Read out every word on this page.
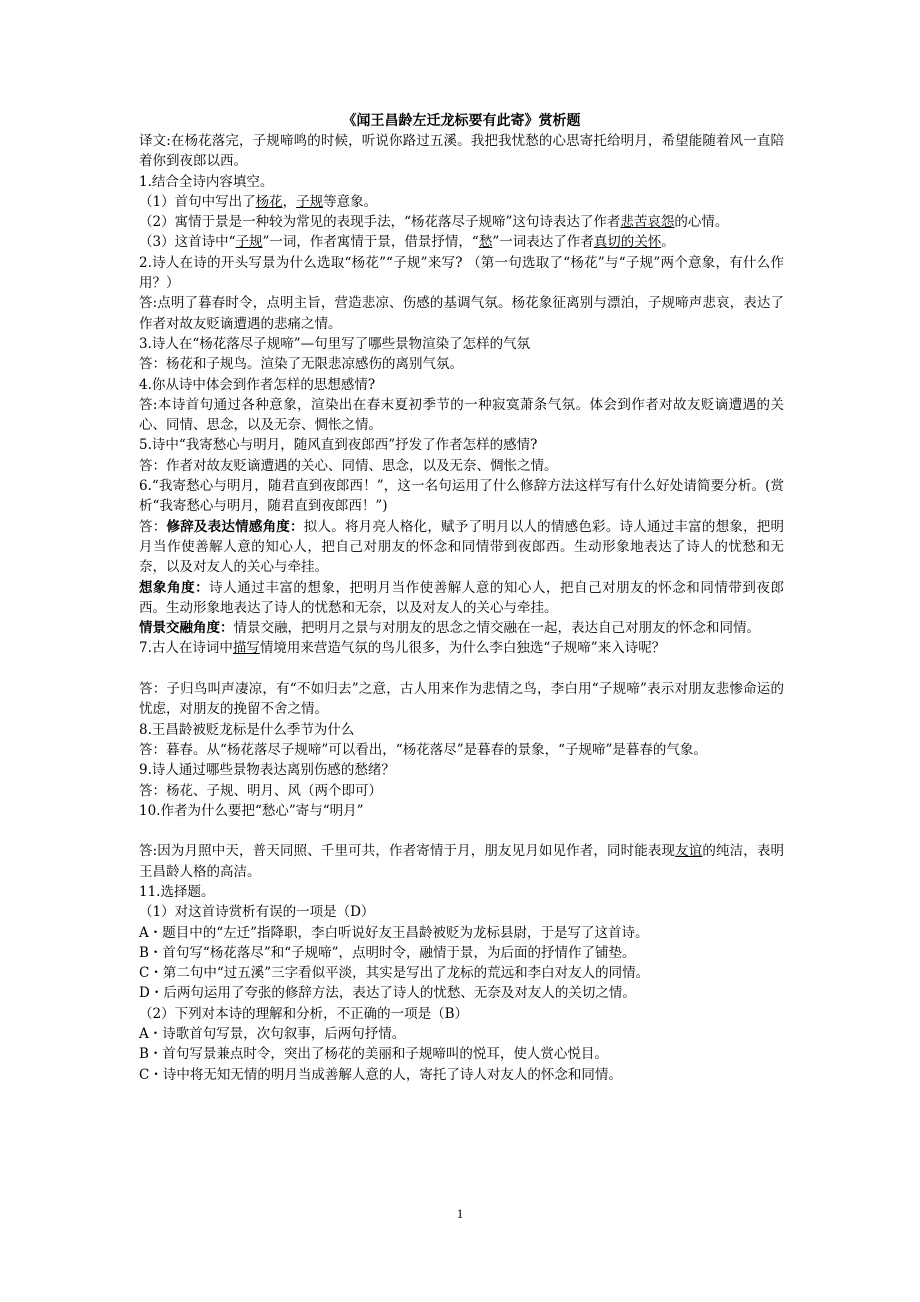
《闻王昌龄左迁龙标要有此寄》赏析题

译文:在杨花落完，子规啼鸣的时候，听说你路过五溪。我把我忧愁的心思寄托给明月，希望能随着风一直陪着你到夜郎以西。

1.结合全诗内容填空。

（1）首句中写出了杨花，子规等意象。

（2）寓情于景是一种较为常见的表现手法，“杨花落尽子规啼”这句诗表达了作者悲苦哀怨的心情。

（3）这首诗中“子规”一词，作者寓情于景，借景抒情，“愁”一词表达了作者真切的关怀。

2.诗人在诗的开头写景为什么选取“杨花”“子规”来写? （第一句选取了“杨花”与“子规”两个意象，有什么作用？）

答:点明了暮春时令，点明主旨，营造悲凉、伤感的基调气氛。杨花象征离别与漂泊，子规啼声悲哀，表达了作者对故友贬谪遭遇的悲痛之情。

3.诗人在“杨花落尽子规啼”—句里写了哪些景物渲染了怎样的气氛

答：杨花和子规鸟。渲染了无限悲凉感伤的离别气氛。

4.你从诗中体会到作者怎样的思想感情?

答:本诗首句通过各种意象，渲染出在春末夏初季节的一种寂寞萧条气氛。体会到作者对故友贬谪遭遇的关心、同情、思念，以及无奈、惆怅之情。

5.诗中“我寄愁心与明月，随风直到夜郎西”抒发了作者怎样的感情?

答：作者对故友贬谪遭遇的关心、同情、思念，以及无奈、惆怅之情。

6.“我寄愁心与明月，随君直到夜郎西！”，这一名句运用了什么修辞方法这样写有什么好处请简要分析。(赏析“我寄愁心与明月，随君直到夜郎西！”)

答：修辞及表达情感角度：拟人。将月亮人格化，赋予了明月以人的情感色彩。诗人通过丰富的想象，把明月当作使善解人意的知心人，把自己对朋友的怀念和同情带到夜郎西。生动形象地表达了诗人的忧愁和无奈，以及对友人的关心与牵挂。

想象角度：诗人通过丰富的想象，把明月当作使善解人意的知心人，把自己对朋友的怀念和同情带到夜郎西。生动形象地表达了诗人的忧愁和无奈，以及对友人的关心与牵挂。

情景交融角度：情景交融，把明月之景与对朋友的思念之情交融在一起，表达自己对朋友的怀念和同情。

7.古人在诗词中描写情境用来营造气氛的鸟儿很多，为什么李白独选“子规啼”来入诗呢？

答：子归鸟叫声凄凉，有“不如归去”之意，古人用来作为悲情之鸟，李白用“子规啼”表示对朋友悲惨命运的忧虑，对朋友的挽留不舍之情。

8.王昌龄被贬龙标是什么季节为什么

答：暮春。从“杨花落尽子规啼”可以看出，“杨花落尽”是暮春的景象，“子规啼”是暮春的气象。

9.诗人通过哪些景物表达离别伤感的愁绪？

答：杨花、子规、明月、风（两个即可）

10.作者为什么要把“愁心”寄与“明月”

答:因为月照中天，普天同照、千里可共，作者寄情于月，朋友见月如见作者，同时能表现友谊的纯洁，表明王昌龄人格的高洁。

11.选择题。

（1）对这首诗赏析有误的一项是（D）

A・题目中的“左迁”指降职，李白听说好友王昌龄被贬为龙标县尉，于是写了这首诗。

B・首句写“杨花落尽”和“子规啼”，点明时令，融情于景，为后面的抒情作了铺垫。

C・第二句中“过五溪”三字看似平淡，其实是写出了龙标的荒远和李白对友人的同情。

D・后两句运用了夸张的修辞方法，表达了诗人的忧愁、无奈及对友人的关切之情。

（2）下列对本诗的理解和分析，不正确的一项是（B）

A・诗歌首句写景，次句叙事，后两句抒情。

B・首句写景兼点时令，突出了杨花的美丽和子规啼叫的悦耳，使人赏心悦目。

C・诗中将无知无情的明月当成善解人意的人，寄托了诗人对友人的怀念和同情。

1
